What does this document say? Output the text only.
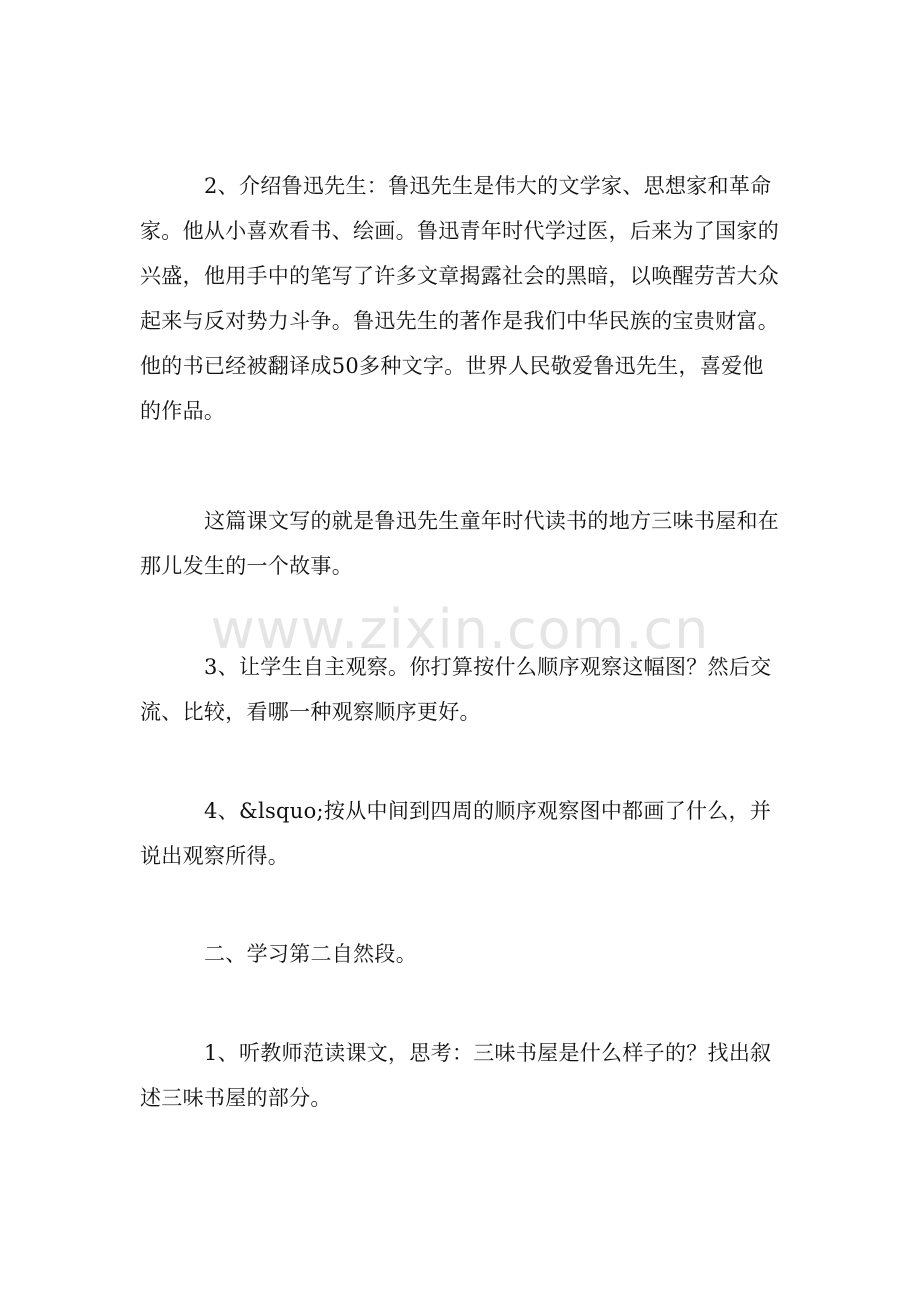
2、介绍鲁迅先生：鲁迅先生是伟大的文学家、思想家和革命家。他从小喜欢看书、绘画。鲁迅青年时代学过医，后来为了国家的兴盛，他用手中的笔写了许多文章揭露社会的黑暗，以唤醒劳苦大众起来与反对势力斗争。鲁迅先生的著作是我们中华民族的宝贵财富。他的书已经被翻译成50多种文字。世界人民敬爱鲁迅先生，喜爱他的作品。

这篇课文写的就是鲁迅先生童年时代读书的地方三味书屋和在那儿发生的一个故事。

3、让学生自主观察。你打算按什么顺序观察这幅图？然后交流、比较，看哪一种观察顺序更好。

4、&lsquo;按从中间到四周的顺序观察图中都画了什么，并说出观察所得。

二、学习第二自然段。

1、听教师范读课文，思考：三味书屋是什么样子的？找出叙述三味书屋的部分。

www.zixin.com.cn
